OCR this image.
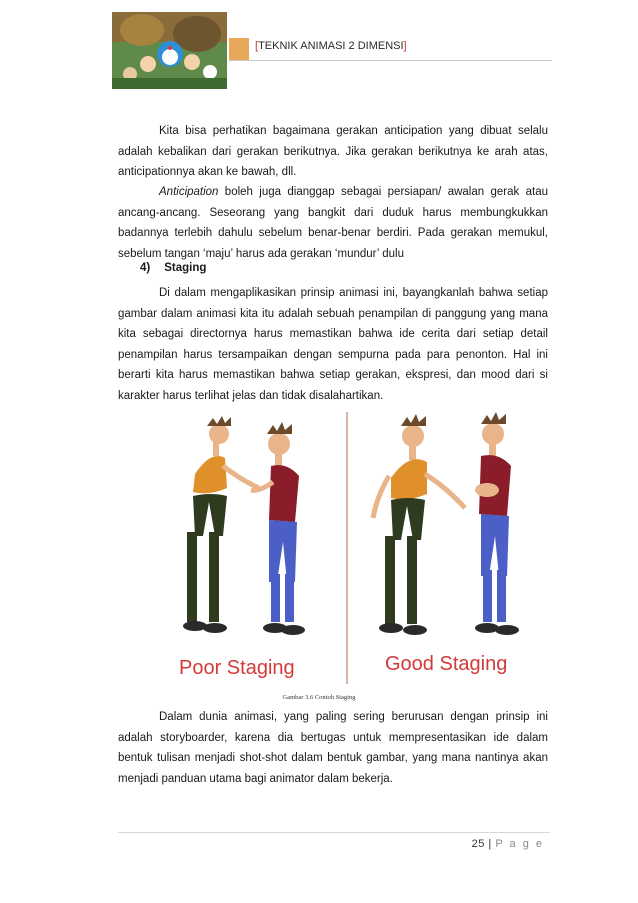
[TEKNIK ANIMASI 2 DIMENSI]

Kita bisa perhatikan bagaimana gerakan anticipation yang dibuat selalu adalah kebalikan dari gerakan berikutnya. Jika gerakan berikutnya ke arah atas, anticipationnya akan ke bawah, dll.

Anticipation boleh juga dianggap sebagai persiapan/ awalan gerak atau ancang-ancang. Seseorang yang bangkit dari duduk harus membungkukkan badannya terlebih dahulu sebelum benar-benar berdiri. Pada gerakan memukul, sebelum tangan ‘maju’ harus ada gerakan ‘mundur’ dulu

4) Staging

Di dalam mengaplikasikan prinsip animasi ini, bayangkanlah bahwa setiap gambar dalam animasi kita itu adalah sebuah penampilan di panggung yang mana kita sebagai directornya harus memastikan bahwa ide cerita dari setiap detail penampilan harus tersampaikan dengan sempurna pada para penonton. Hal ini berarti kita harus memastikan bahwa setiap gerakan, ekspresi, dan mood dari si karakter harus terlihat jelas dan tidak disalahartikan.

Poor Staging	Good Staging
Gambar 3.6 Contoh Staging

Dalam dunia animasi, yang paling sering berurusan dengan prinsip ini adalah storyboarder, karena dia bertugas untuk mempresentasikan ide dalam bentuk tulisan menjadi shot-shot dalam bentuk gambar, yang mana nantinya akan menjadi panduan utama bagi animator dalam bekerja.

25 | P a g e
